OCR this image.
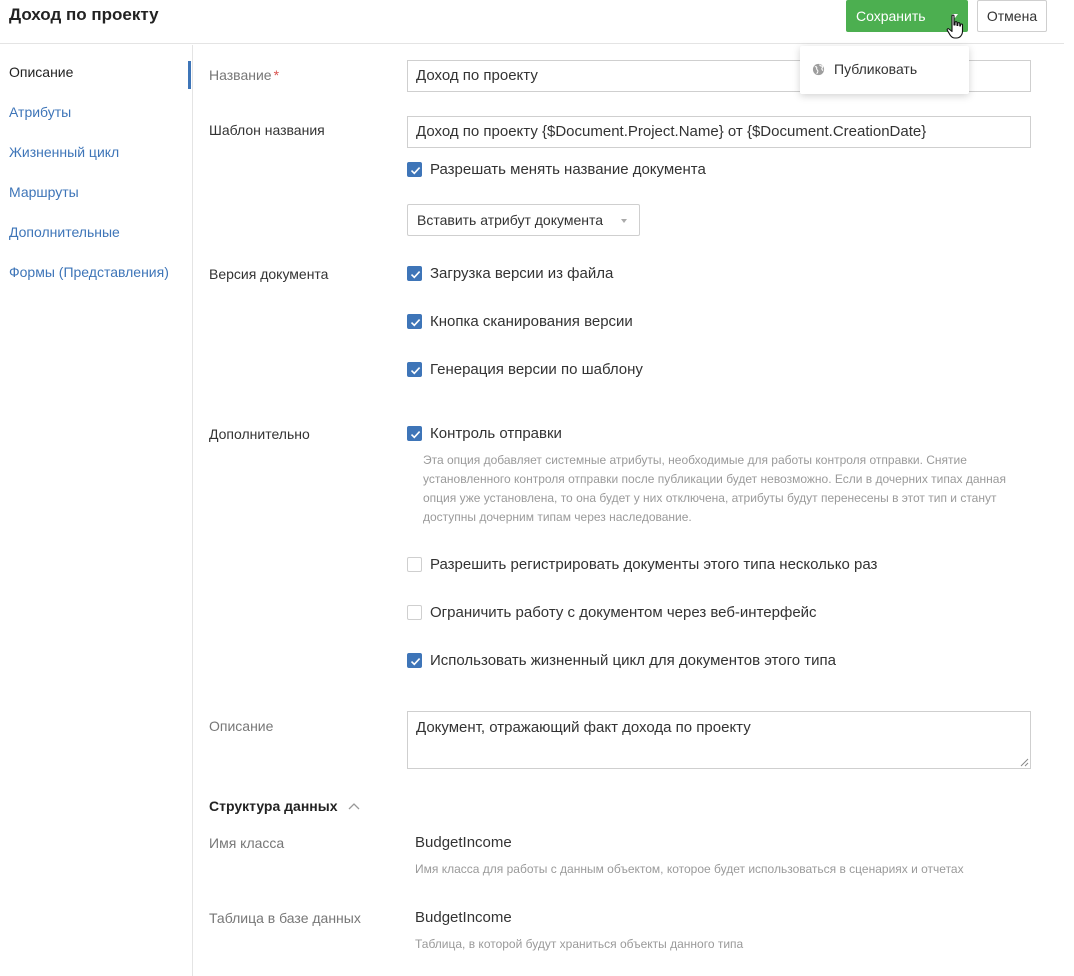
Доход по проекту	Сохранить	Отмена
Публиковать
Описание
Атрибуты
Жизненный цикл
Маршруты
Дополнительные
Формы (Представления)
Название *	Доход по проекту
Шаблон названия	Доход по проекту {$Document.Project.Name} от {$Document.CreationDate}
Разрешать менять название документа
Вставить атрибут документа
Версия документа	Загрузка версии из файла
Кнопка сканирования версии
Генерация версии по шаблону
Дополнительно	Контроль отправки
Эта опция добавляет системные атрибуты, необходимые для работы контроля отправки. Снятие установленного контроля отправки после публикации будет невозможно. Если в дочерних типах данная опция уже установлена, то она будет у них отключена, атрибуты будут перенесены в этот тип и станут доступны дочерним типам через наследование.
Разрешить регистрировать документы этого типа несколько раз
Ограничить работу с документом через веб-интерфейс
Использовать жизненный цикл для документов этого типа
Описание	Документ, отражающий факт дохода по проекту
Структура данных
Имя класса	BudgetIncome
Имя класса для работы с данным объектом, которое будет использоваться в сценариях и отчетах
Таблица в базе данных	BudgetIncome
Таблица, в которой будут храниться объекты данного типа
